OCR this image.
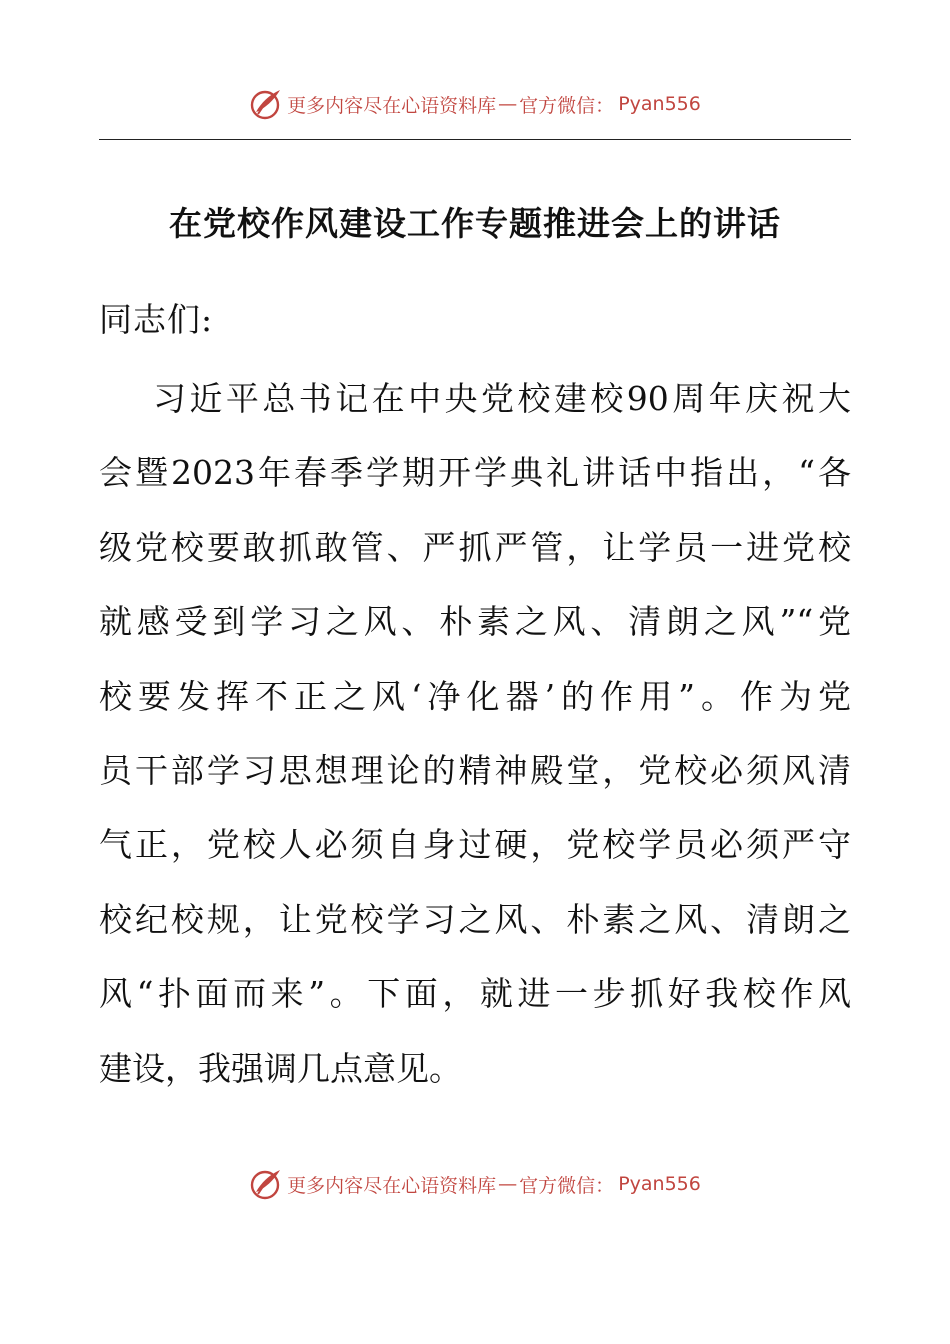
更多内容尽在心语资料库 — 官方微信： Pyan556
在党校作风建设工作专题推进会上的讲话

同志们:

习近平总书记在中央党校建校90周年庆祝大
会暨2023年春季学期开学典礼讲话中指出，“各
级党校要敢抓敢管、严抓严管，让学员一进党校
就感受到学习之风、朴素之风、清朗之风”“党
校要发挥不正之风‘净化器’的作用”。作为党
员干部学习思想理论的精神殿堂，党校必须风清
气正，党校人必须自身过硬，党校学员必须严守
校纪校规，让党校学习之风、朴素之风、清朗之
风“扑面而来”。下面，就进一步抓好我校作风
建设，我强调几点意见。
更多内容尽在心语资料库 — 官方微信： Pyan556
